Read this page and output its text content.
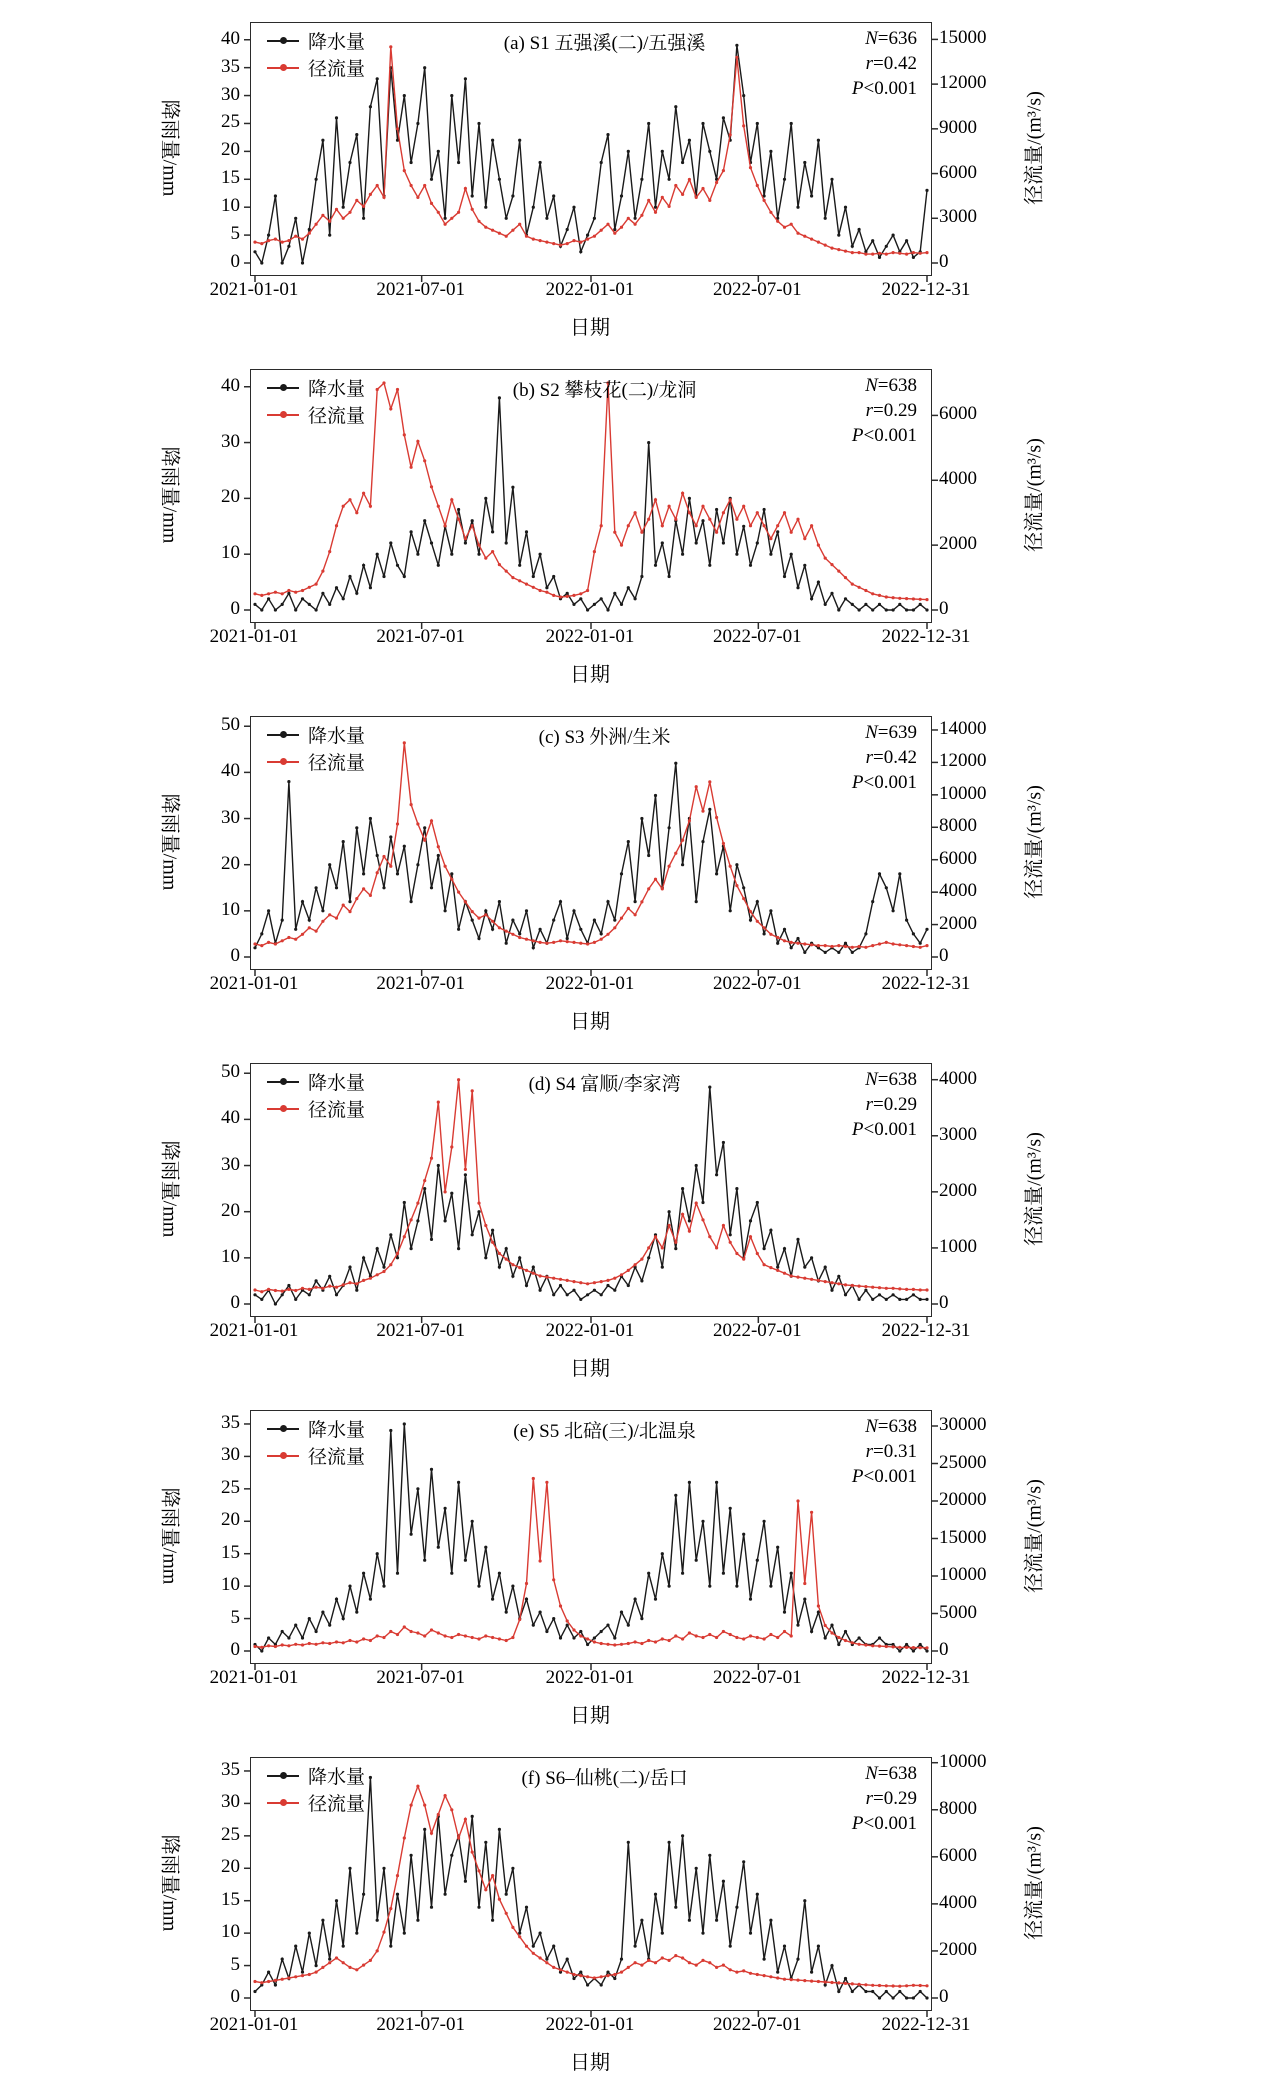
降雨量/mm	径流量/(m³/s)
降水量
径流量
(a) S1 五强溪(二)/五强溪	N=636
r=0.42
P<0.001
日期
40
35
30
25
20
15
10
5
0
15000
12000
9000
6000
3000
0
2021-01-01	2021-07-01	2022-01-01	2022-07-01	2022-12-31
降雨量/mm	径流量/(m³/s)
降水量
径流量
(b) S2 攀枝花(二)/龙洞	N=638
r=0.29
P<0.001
日期
40
30
20
10
0
6000
4000
2000
0
2021-01-01	2021-07-01	2022-01-01	2022-07-01	2022-12-31
降雨量/mm	径流量/(m³/s)
降水量
径流量
(c) S3 外洲/生米	N=639
r=0.42
P<0.001
日期
50
40
30
20
10
0
14000
12000
10000
8000
6000
4000
2000
0
2021-01-01	2021-07-01	2022-01-01	2022-07-01	2022-12-31
降雨量/mm	径流量/(m³/s)
降水量
径流量
(d) S4 富顺/李家湾	N=638
r=0.29
P<0.001
日期
50
40
30
20
10
0
4000
3000
2000
1000
0
2021-01-01	2021-07-01	2022-01-01	2022-07-01	2022-12-31
降雨量/mm	径流量/(m³/s)
降水量
径流量
(e) S5 北碚(三)/北温泉	N=638
r=0.31
P<0.001
日期
35
30
25
20
15
10
5
0
30000
25000
20000
15000
10000
5000
0
2021-01-01	2021-07-01	2022-01-01	2022-07-01	2022-12-31
降雨量/mm	径流量/(m³/s)
降水量
径流量
(f) S6–仙桃(二)/岳口	N=638
r=0.29
P<0.001
日期
35
30
25
20
15
10
5
0
10000
8000
6000
4000
2000
0
2021-01-01	2021-07-01	2022-01-01	2022-07-01	2022-12-31
